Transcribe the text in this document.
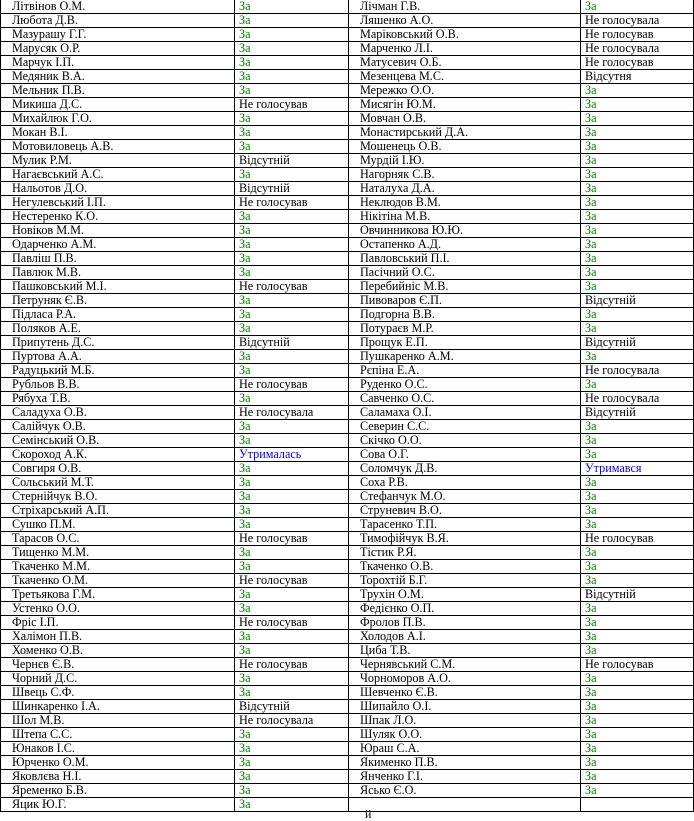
Літвінов О.М.	За	Лічман Г.В.	За
Любота Д.В.	За	Ляшенко А.О.	Не голосувала
Мазурашу Г.Г.	За	Маріковський О.В.	Не голосував
Марусяк О.Р.	За	Марченко Л.І.	Не голосувала
Марчук І.П.	За	Матусевич О.Б.	Не голосував
Медяник В.А.	За	Мезенцева М.С.	Відсутня
Мельник П.В.	За	Мережко О.О.	За
Микиша Д.С.	Не голосував	Мисягін Ю.М.	За
Михайлюк Г.О.	За	Мовчан О.В.	За
Мокан В.І.	За	Монастирський Д.А.	За
Мотовиловець А.В.	За	Мошенець О.В.	За
Мулик Р.М.	Відсутній	Мурдій І.Ю.	За
Нагаєвський А.С.	За	Нагорняк С.В.	За
Нальотов Д.О.	Відсутній	Наталуха Д.А.	За
Негулевський І.П.	Не голосував	Неклюдов В.М.	За
Нестеренко К.О.	За	Нікітіна М.В.	За
Новіков М.М.	За	Овчинникова Ю.Ю.	За
Одарченко А.М.	За	Остапенко А.Д.	За
Павліш П.В.	За	Павловський П.І.	За
Павлюк М.В.	За	Пасічний О.С.	За
Пашковський М.І.	Не голосував	Перебийніс М.В.	За
Петруняк Є.В.	За	Пивоваров Є.П.	Відсутній
Підласа Р.А.	За	Подгорна В.В.	За
Поляков А.Е.	За	Потураєв М.Р.	За
Припутень Д.С.	Відсутній	Прощук Е.П.	Відсутній
Пуртова А.А.	За	Пушкаренко А.М.	За
Радуцький М.Б.	За	Рєпіна Е.А.	Не голосувала
Рубльов В.В.	Не голосував	Руденко О.С.	За
Рябуха Т.В.	За	Савченко О.С.	Не голосувала
Саладуха О.В.	Не голосувала	Саламаха О.І.	Відсутній
Салійчук О.В.	За	Северин С.С.	За
Семінський О.В.	За	Скічко О.О.	За
Скороход А.К.	Утрималась	Сова О.Г.	За
Совгиря О.В.	За	Соломчук Д.В.	Утримався
Сольський М.Т.	За	Соха Р.В.	За
Стернійчук В.О.	За	Стефанчук М.О.	За
Стріхарський А.П.	За	Струневич В.О.	За
Сушко П.М.	За	Тарасенко Т.П.	За
Тарасов О.С.	Не голосував	Тимофійчук В.Я.	Не голосував
Тищенко М.М.	За	Тістик Р.Я.	За
Ткаченко М.М.	За	Ткаченко О.В.	За
Ткаченко О.М.	Не голосував	Торохтій Б.Г.	За
Третьякова Г.М.	За	Трухін О.М.	Відсутній
Устенко О.О.	За	Федієнко О.П.	За
Фріс І.П.	Не голосував	Фролов П.В.	За
Халімон П.В.	За	Холодов А.І.	За
Хоменко О.В.	За	Циба Т.В.	За
Чернєв Є.В.	Не голосував	Чернявський С.М.	Не голосував
Чорний Д.С.	За	Чорноморов А.О.	За
Швець С.Ф.	За	Шевченко Є.В.	За
Шинкаренко І.А.	Відсутній	Шипайло О.І.	За
Шол М.В.	Не голосувала	Шпак Л.О.	За
Штепа С.С.	За	Шуляк О.О.	За
Юнаков І.С.	За	Юраш С.А.	За
Юрченко О.М.	За	Якименко П.В.	За
Яковлєва Н.І.	За	Янченко Г.І.	За
Яременко Б.В.	За	Ясько Є.О.	За
Яцик Ю.Г.	За		
й
